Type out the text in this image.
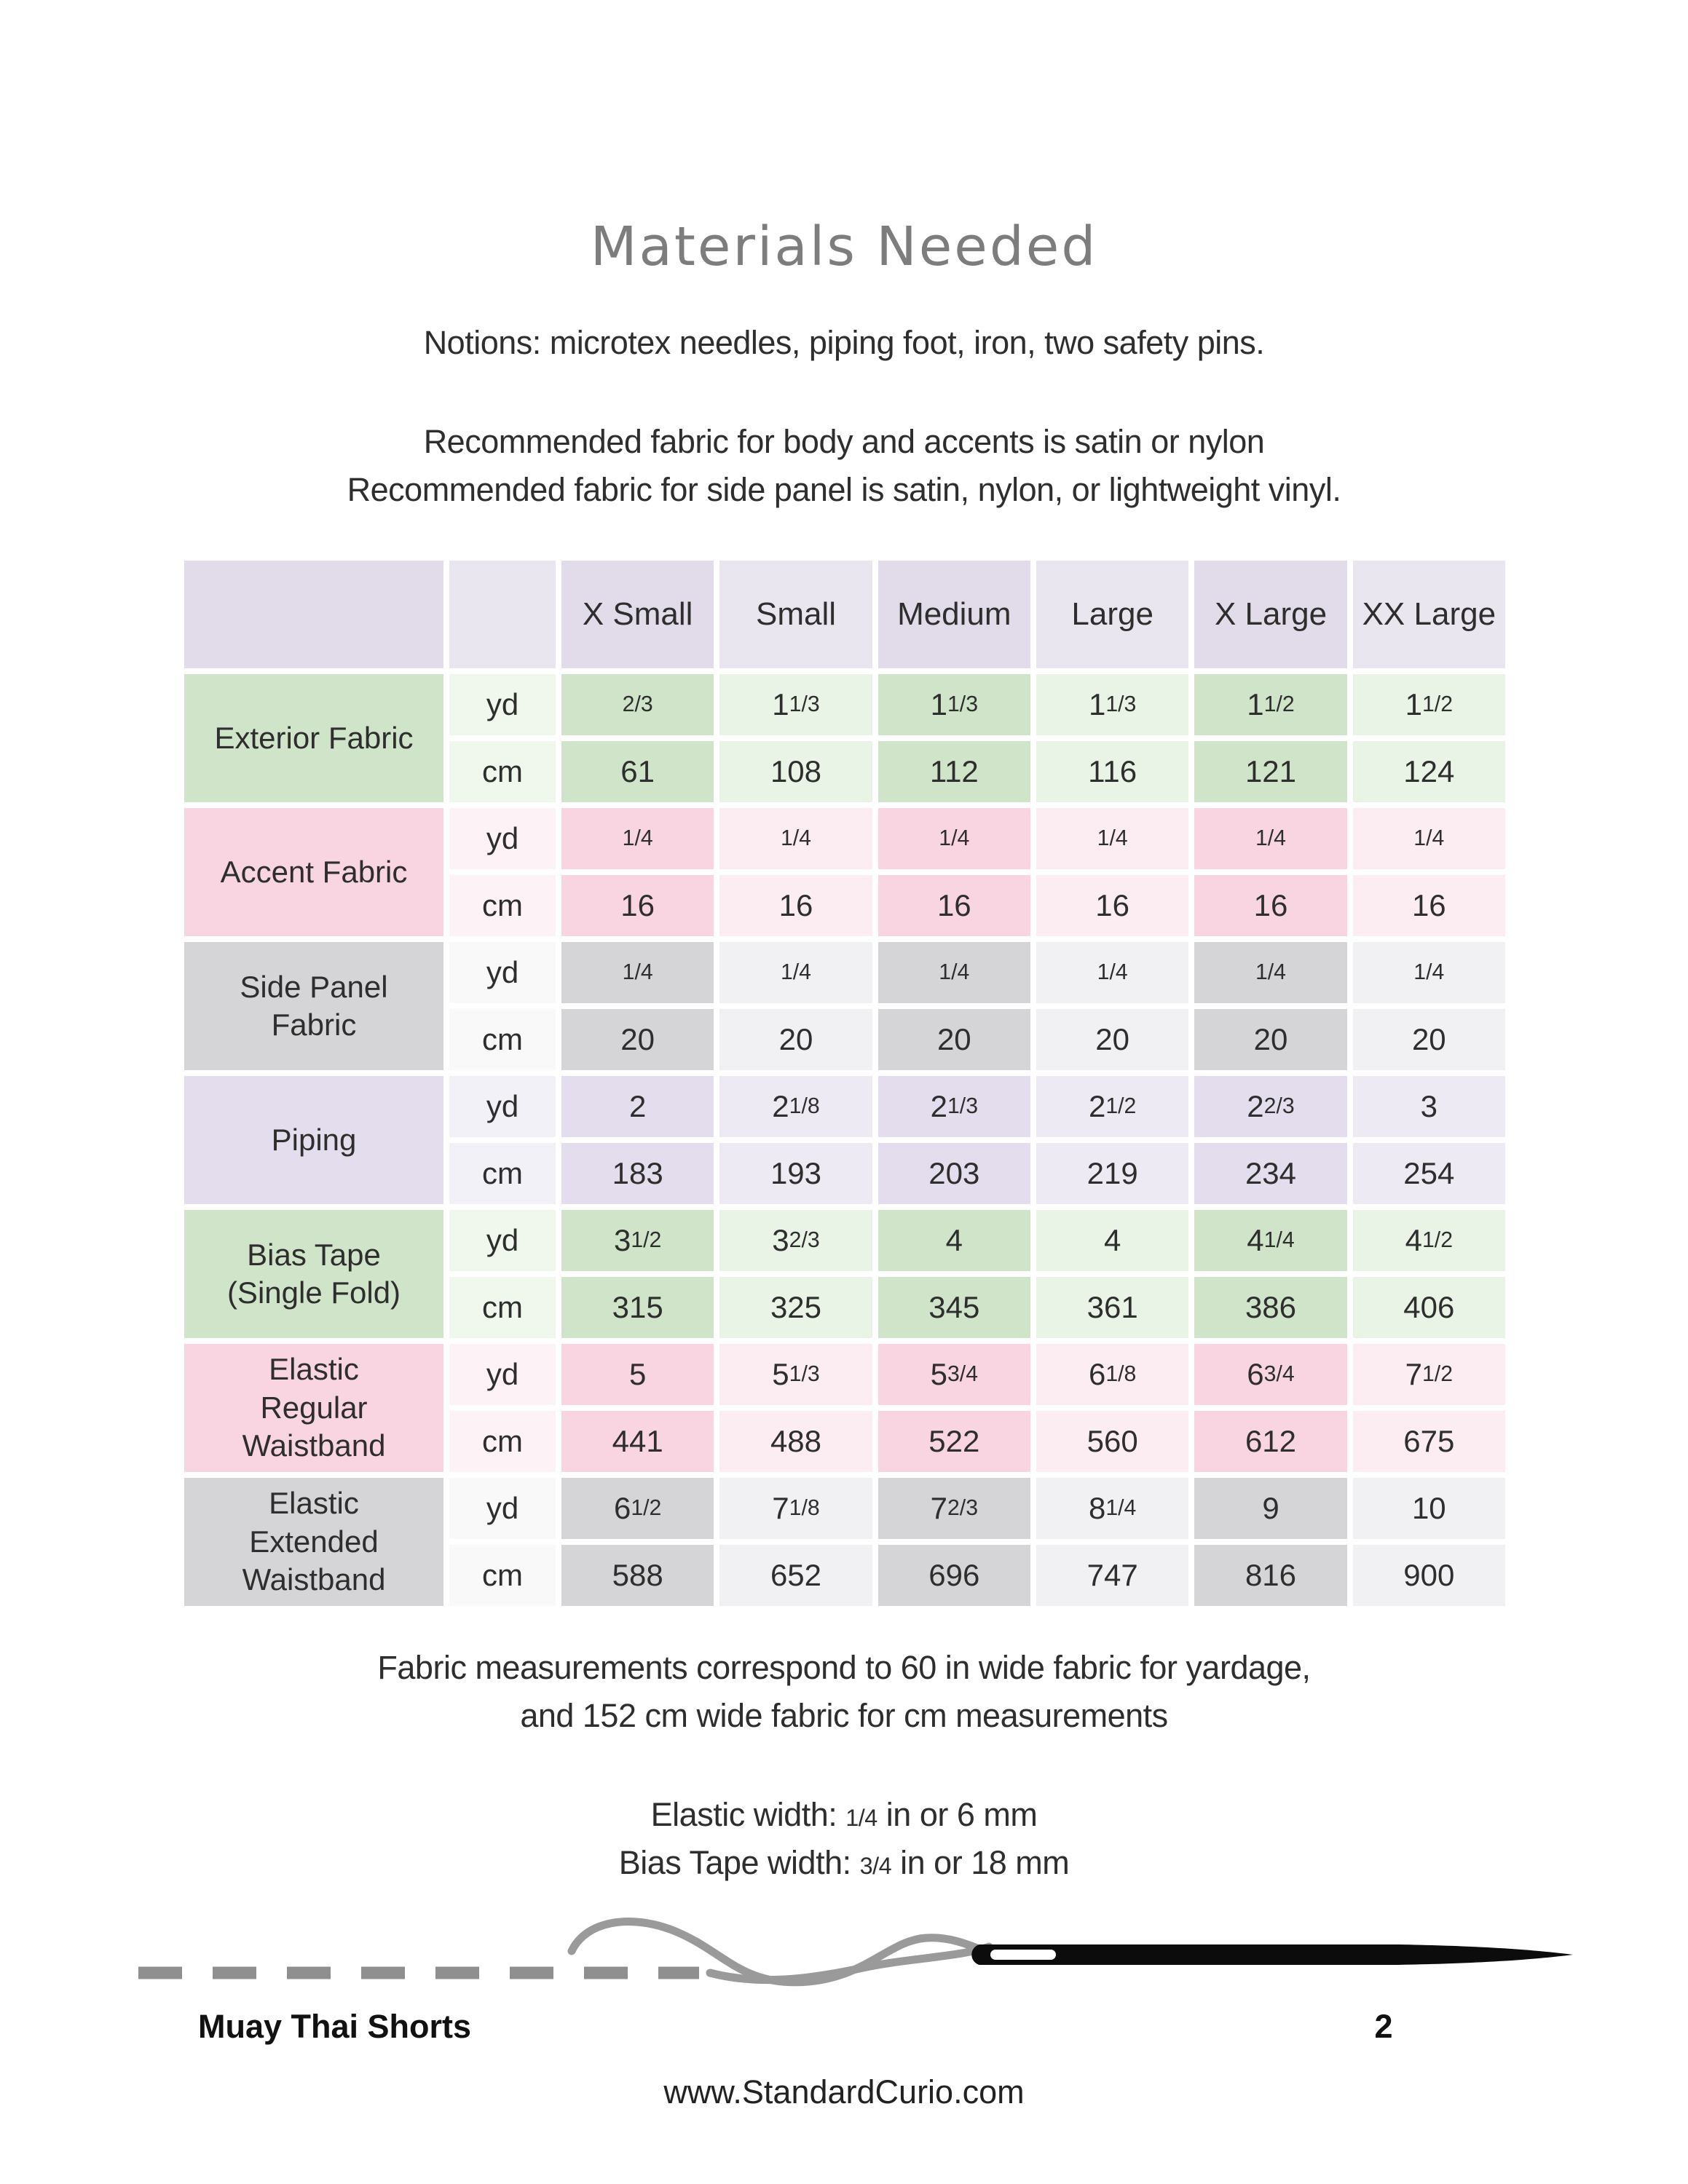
Materials Needed
Notions: microtex needles, piping foot, iron, two safety pins.
Recommended fabric for body and accents is satin or nylon
Recommended fabric for side panel is satin, nylon, or lightweight vinyl.
X Small	Small	Medium	Large	X Large	XX Large
Exterior Fabric
yd	2/3	1 1/3	1 1/3	1 1/3	1 1/2	1 1/2
cm	61	108	112	116	121	124
Accent Fabric
yd	1/4	1/4	1/4	1/4	1/4	1/4
cm	16	16	16	16	16	16
Side Panel Fabric
yd	1/4	1/4	1/4	1/4	1/4	1/4
cm	20	20	20	20	20	20
Piping
yd	2	2 1/8	2 1/3	2 1/2	2 2/3	3
cm	183	193	203	219	234	254
Bias Tape (Single Fold)
yd	3 1/2	3 2/3	4	4	4 1/4	4 1/2
cm	315	325	345	361	386	406
Elastic Regular Waistband
yd	5	5 1/3	5 3/4	6 1/8	6 3/4	7 1/2
cm	441	488	522	560	612	675
Elastic Extended Waistband
yd	6 1/2	7 1/8	7 2/3	8 1/4	9	10
cm	588	652	696	747	816	900
Fabric measurements correspond to 60 in wide fabric for yardage,
and 152 cm wide fabric for cm measurements
Elastic width: 1/4 in or 6 mm
Bias Tape width: 3/4 in or 18 mm
Muay Thai Shorts	2
www.StandardCurio.com
